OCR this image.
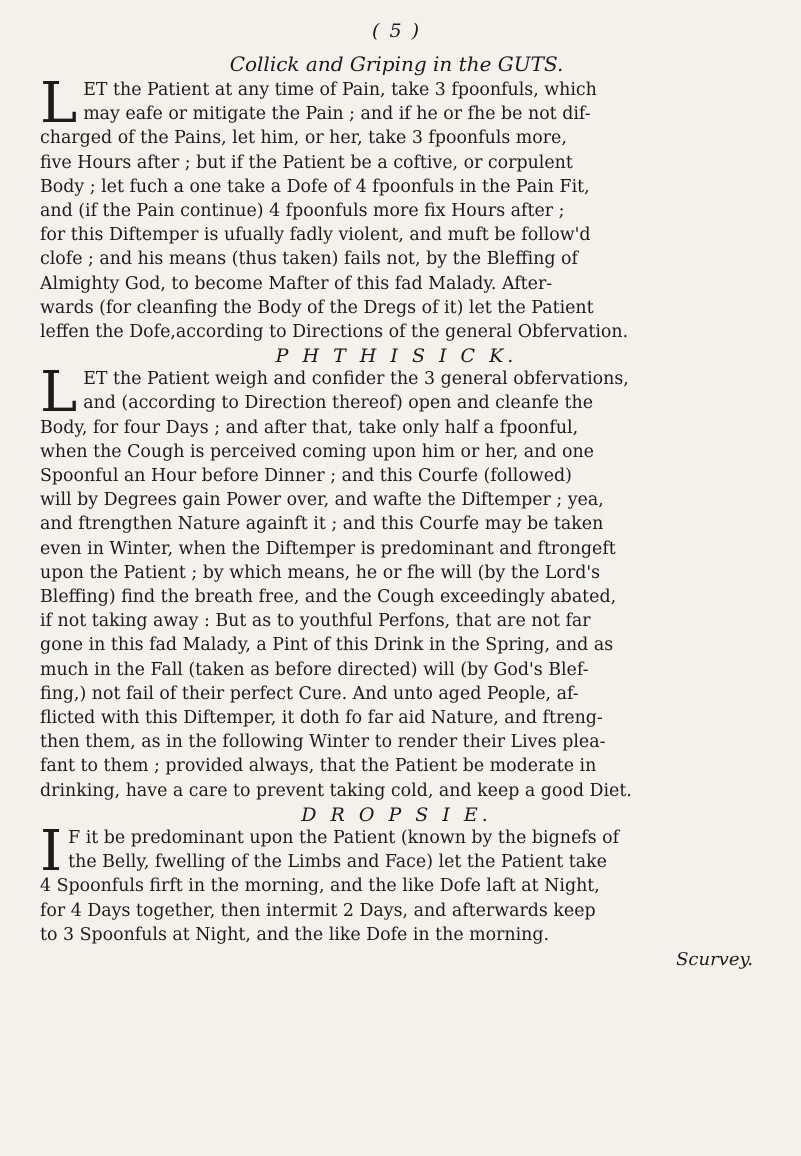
( 5 )
Collick and Griping in the GUTS.
L ET the Patient at any time of Pain, take 3 fpoonfuls, which
may eafe or mitigate the Pain ; and if he or fhe be not dif-
charged of the Pains, let him, or her, take 3 fpoonfuls more,
five Hours after ; but if the Patient be a coftive, or corpulent
Body ; let fuch a one take a Dofe of 4 fpoonfuls in the Pain Fit,
and (if the Pain continue) 4 fpoonfuls more fix Hours after ;
for this Diftemper is ufually fadly violent, and muft be follow'd
clofe ; and his means (thus taken) fails not, by the Bleffing of
Almighty God, to become Mafter of this fad Malady. After-
wards (for cleanfing the Body of the Dregs of it) let the Patient
leffen the Dofe,according to Directions of the general Obfervation.
P H T H I S I C K.
L ET the Patient weigh and confider the 3 general obfervations,
and (according to Direction thereof) open and cleanfe the
Body, for four Days ; and after that, take only half a fpoonful,
when the Cough is perceived coming upon him or her, and one
Spoonful an Hour before Dinner ; and this Courfe (followed)
will by Degrees gain Power over, and wafte the Diftemper ; yea,
and ftrengthen Nature againft it ; and this Courfe may be taken
even in Winter, when the Diftemper is predominant and ftrongeft
upon the Patient ; by which means, he or fhe will (by the Lord's
Bleffing) find the breath free, and the Cough exceedingly abated,
if not taking away : But as to youthful Perfons, that are not far
gone in this fad Malady, a Pint of this Drink in the Spring, and as
much in the Fall (taken as before directed) will (by God's Blef-
fing,) not fail of their perfect Cure. And unto aged People, af-
flicted with this Diftemper, it doth fo far aid Nature, and ftreng-
then them, as in the following Winter to render their Lives plea-
fant to them ; provided always, that the Patient be moderate in
drinking, have a care to prevent taking cold, and keep a good Diet.
D R O P S I E.
I F it be predominant upon the Patient (known by the bignefs of
the Belly, fwelling of the Limbs and Face) let the Patient take
4 Spoonfuls firft in the morning, and the like Dofe laft at Night,
for 4 Days together, then intermit 2 Days, and afterwards keep
to 3 Spoonfuls at Night, and the like Dofe in the morning.
Scurvey.
